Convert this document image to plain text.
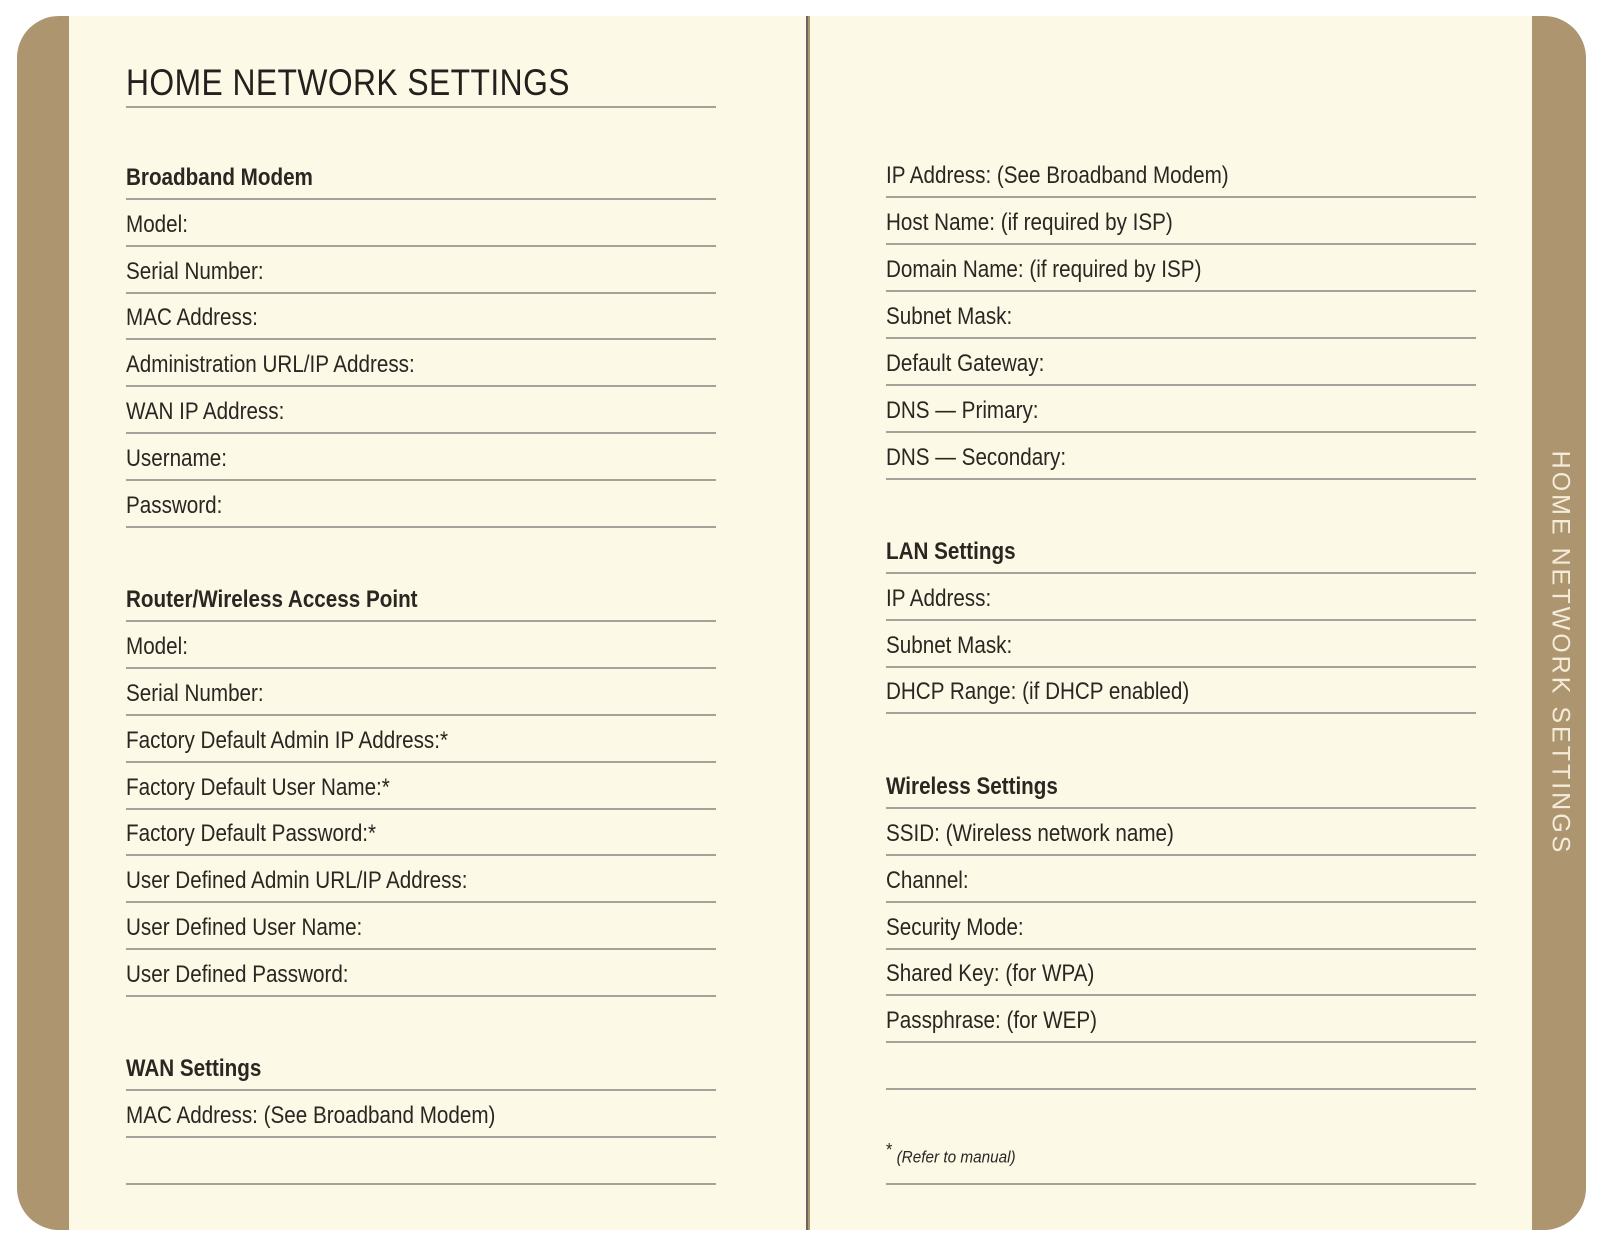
HOME NETWORK SETTINGS
Broadband Modem
Model:
Serial Number:
MAC Address:
Administration URL/IP Address:
WAN IP Address:
Username:
Password:
Router/Wireless Access Point
Model:
Serial Number:
Factory Default Admin IP Address:*
Factory Default User Name:*
Factory Default Password:*
User Defined Admin URL/IP Address:
User Defined User Name:
User Defined Password:
WAN Settings
MAC Address: (See Broadband Modem)
IP Address: (See Broadband Modem)
Host Name: (if required by ISP)
Domain Name: (if required by ISP)
Subnet Mask:
Default Gateway:
DNS — Primary:
DNS — Secondary:
LAN Settings
IP Address:
Subnet Mask:
DHCP Range: (if DHCP enabled)
Wireless Settings
SSID: (Wireless network name)
Channel:
Security Mode:
Shared Key: (for WPA)
Passphrase: (for WEP)
* (Refer to manual)
HOME NETWORK SETTINGS
